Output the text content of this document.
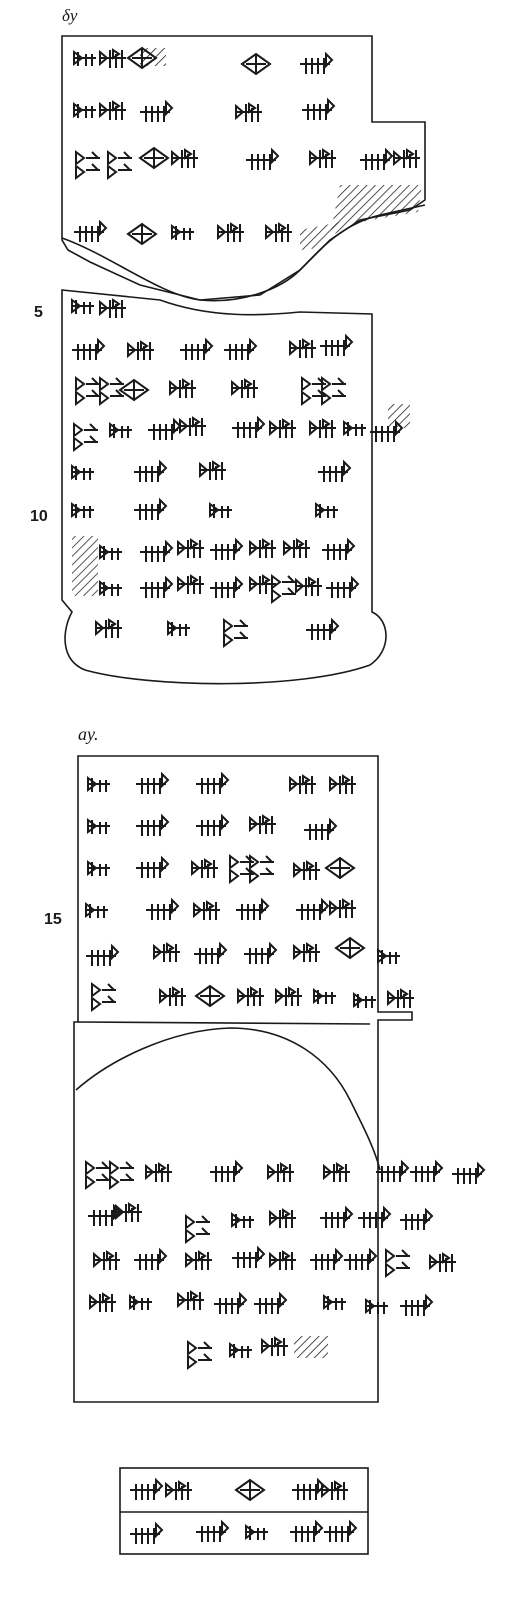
δy
ay.
5
10
15
